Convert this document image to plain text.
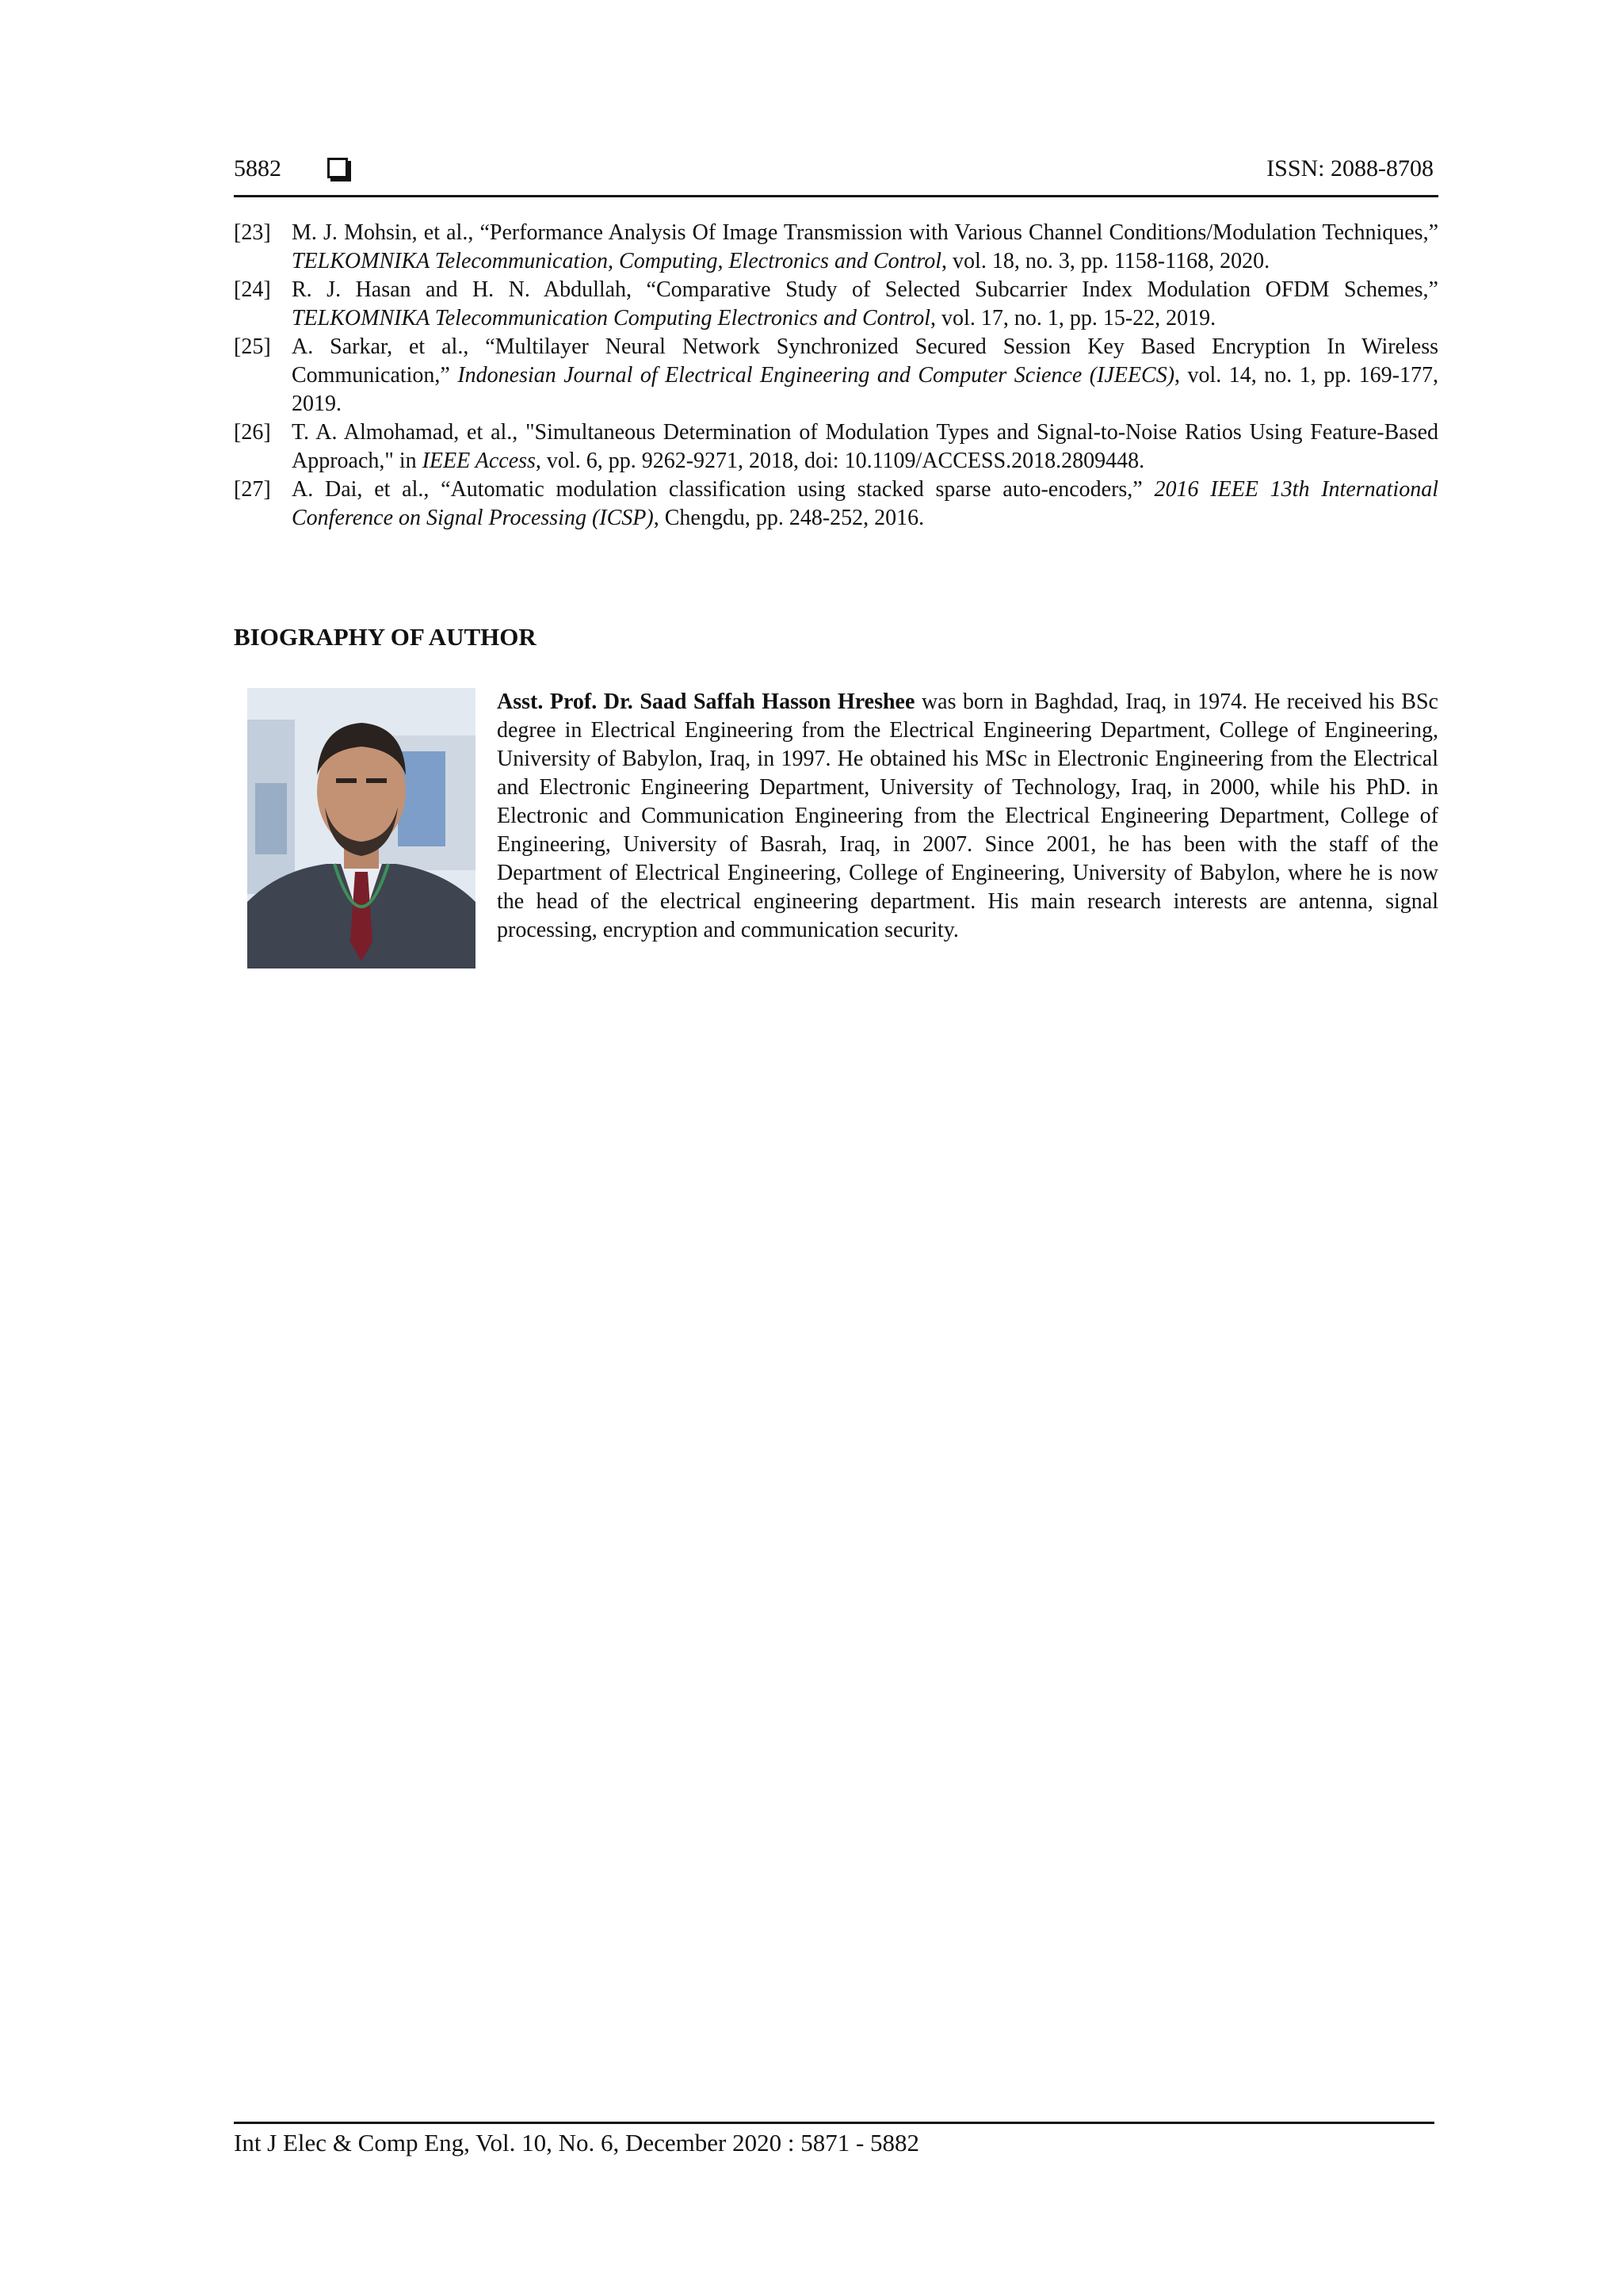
5882	ISSN: 2088-8708
[23] M. J. Mohsin, et al., “Performance Analysis Of Image Transmission with Various Channel Conditions/Modulation Techniques,” TELKOMNIKA Telecommunication, Computing, Electronics and Control, vol. 18, no. 3, pp. 1158-1168, 2020.
[24] R. J. Hasan and H. N. Abdullah, “Comparative Study of Selected Subcarrier Index Modulation OFDM Schemes,” TELKOMNIKA Telecommunication Computing Electronics and Control, vol. 17, no. 1, pp. 15-22, 2019.
[25] A. Sarkar, et al., “Multilayer Neural Network Synchronized Secured Session Key Based Encryption In Wireless Communication,” Indonesian Journal of Electrical Engineering and Computer Science (IJEECS), vol. 14, no. 1, pp. 169-177, 2019.
[26] T. A. Almohamad, et al., "Simultaneous Determination of Modulation Types and Signal-to-Noise Ratios Using Feature-Based Approach," in IEEE Access, vol. 6, pp. 9262-9271, 2018, doi: 10.1109/ACCESS.2018.2809448.
[27] A. Dai, et al., “Automatic modulation classification using stacked sparse auto-encoders,” 2016 IEEE 13th International Conference on Signal Processing (ICSP), Chengdu, pp. 248-252, 2016.
BIOGRAPHY OF AUTHOR
Asst. Prof. Dr. Saad Saffah Hasson Hreshee was born in Baghdad, Iraq, in 1974. He received his BSc degree in Electrical Engineering from the Electrical Engineering Department, College of Engineering, University of Babylon, Iraq, in 1997. He obtained his MSc in Electronic Engineering from the Electrical and Electronic Engineering Department, University of Technology, Iraq, in 2000, while his PhD. in Electronic and Communication Engineering from the Electrical Engineering Department, College of Engineering, University of Basrah, Iraq, in 2007. Since 2001, he has been with the staff of the Department of Electrical Engineering, College of Engineering, University of Babylon, where he is now the head of the electrical engineering department. His main research interests are antenna, signal processing, encryption and communication security.
Int J Elec & Comp Eng, Vol. 10, No. 6, December 2020 : 5871 - 5882
